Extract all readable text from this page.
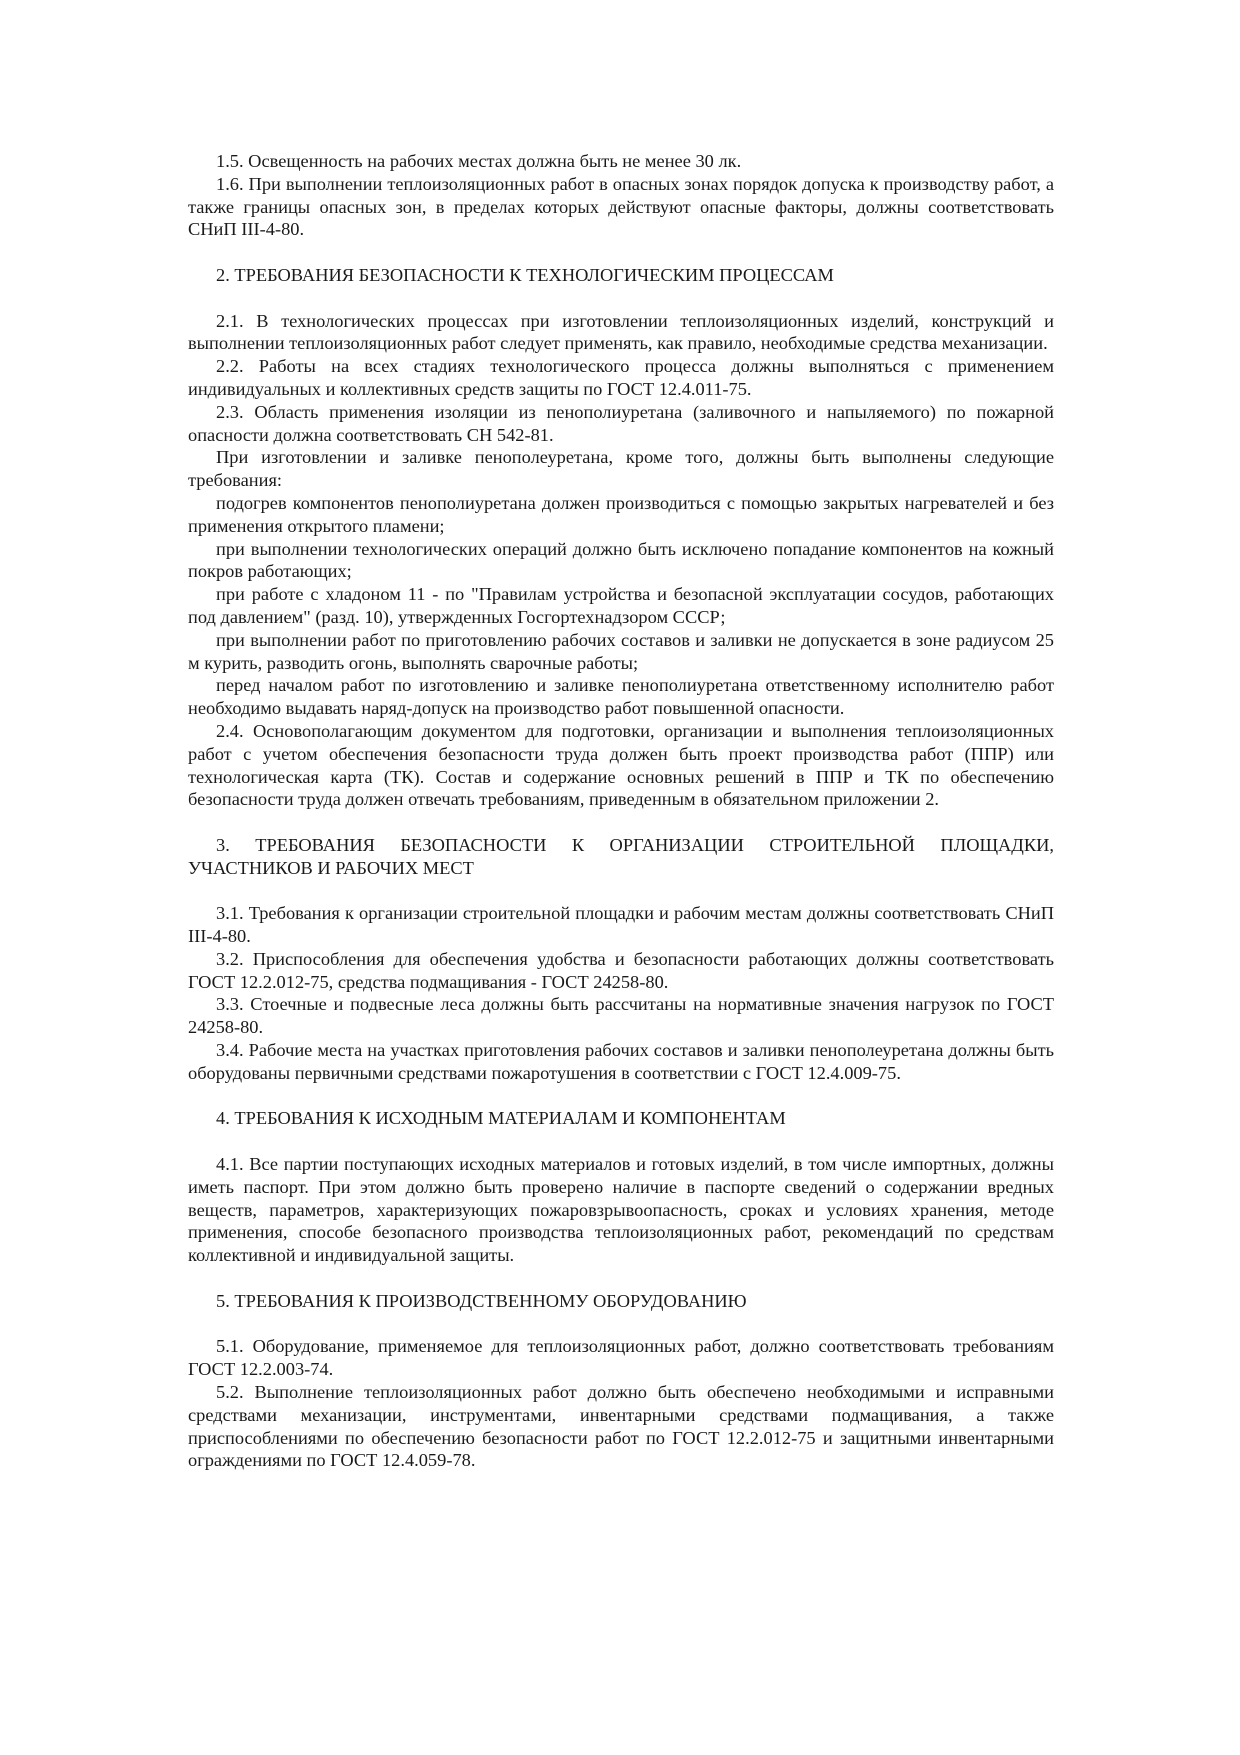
1.5. Освещенность на рабочих местах должна быть не менее 30 лк.

1.6. При выполнении теплоизоляционных работ в опасных зонах порядок допуска к производству работ, а также границы опасных зон, в пределах которых действуют опасные факторы, должны соответствовать СНиП III-4-80.

2. ТРЕБОВАНИЯ БЕЗОПАСНОСТИ К ТЕХНОЛОГИЧЕСКИМ ПРОЦЕССАМ

2.1. В технологических процессах при изготовлении теплоизоляционных изделий, конструкций и выполнении теплоизоляционных работ следует применять, как правило, необходимые средства механизации.

2.2. Работы на всех стадиях технологического процесса должны выполняться с применением индивидуальных и коллективных средств защиты по ГОСТ 12.4.011-75.

2.3. Область применения изоляции из пенополиуретана (заливочного и напыляемого) по пожарной опасности должна соответствовать СН 542-81.

При изготовлении и заливке пенополеуретана, кроме того, должны быть выполнены следующие требования:

подогрев компонентов пенополиуретана должен производиться с помощью закрытых нагревателей и без применения открытого пламени;

при выполнении технологических операций должно быть исключено попадание компонентов на кожный покров работающих;

при работе с хладоном 11 - по "Правилам устройства и безопасной эксплуатации сосудов, работающих под давлением" (разд. 10), утвержденных Госгортехнадзором СССР;

при выполнении работ по приготовлению рабочих составов и заливки не допускается в зоне радиусом 25 м курить, разводить огонь, выполнять сварочные работы;

перед началом работ по изготовлению и заливке пенополиуретана ответственному исполнителю работ необходимо выдавать наряд-допуск на производство работ повышенной опасности.

2.4. Основополагающим документом для подготовки, организации и выполнения теплоизоляционных работ с учетом обеспечения безопасности труда должен быть проект производства работ (ППР) или технологическая карта (ТК). Состав и содержание основных решений в ППР и ТК по обеспечению безопасности труда должен отвечать требованиям, приведенным в обязательном приложении 2.

3. ТРЕБОВАНИЯ БЕЗОПАСНОСТИ К ОРГАНИЗАЦИИ СТРОИТЕЛЬНОЙ ПЛОЩАДКИ, УЧАСТНИКОВ И РАБОЧИХ МЕСТ

3.1. Требования к организации строительной площадки и рабочим местам должны соответствовать СНиП III-4-80.

3.2. Приспособления для обеспечения удобства и безопасности работающих должны соответствовать ГОСТ 12.2.012-75, средства подмащивания - ГОСТ 24258-80.

3.3. Стоечные и подвесные леса должны быть рассчитаны на нормативные значения нагрузок по ГОСТ 24258-80.

3.4. Рабочие места на участках приготовления рабочих составов и заливки пенополеуретана должны быть оборудованы первичными средствами пожаротушения в соответствии с ГОСТ 12.4.009-75.

4. ТРЕБОВАНИЯ К ИСХОДНЫМ МАТЕРИАЛАМ И КОМПОНЕНТАМ

4.1. Все партии поступающих исходных материалов и готовых изделий, в том числе импортных, должны иметь паспорт. При этом должно быть проверено наличие в паспорте сведений о содержании вредных веществ, параметров, характеризующих пожаровзрывоопасность, сроках и условиях хранения, методе применения, способе безопасного производства теплоизоляционных работ, рекомендаций по средствам коллективной и индивидуальной защиты.

5. ТРЕБОВАНИЯ К ПРОИЗВОДСТВЕННОМУ ОБОРУДОВАНИЮ

5.1. Оборудование, применяемое для теплоизоляционных работ, должно соответствовать требованиям ГОСТ 12.2.003-74.

5.2. Выполнение теплоизоляционных работ должно быть обеспечено необходимыми и исправными средствами механизации, инструментами, инвентарными средствами подмащивания, а также приспособлениями по обеспечению безопасности работ по ГОСТ 12.2.012-75 и защитными инвентарными ограждениями по ГОСТ 12.4.059-78.
